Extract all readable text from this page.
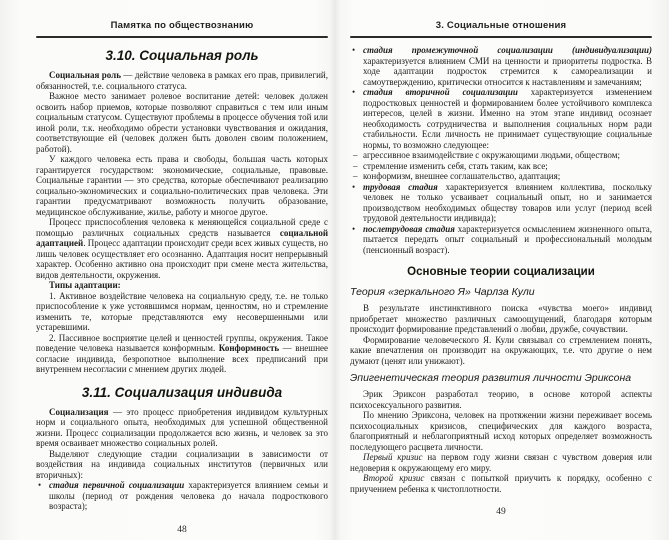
Памятка по обществознанию
3.10. Социальная роль
Социальная роль — действие человека в рамках его прав, привилегий, обязанностей, т.е. социального статуса.
Важное место занимает ролевое воспитание детей: человек должен освоить набор приемов, которые позволяют справиться с тем или иным социальным статусом. Существуют проблемы в процессе обучения той или иной роли, т.к. необходимо обрести установки чувствования и ожидания, соответствующие ей (человек должен быть доволен своим положением, работой).
У каждого человека есть права и свободы, большая часть которых гарантируется государством: экономические, социальные, правовые. Социальные гарантии — это средства, которые обеспечивают реализацию социально-экономических и социально-политических прав человека. Эти гарантии предусматривают возможность получить образование, медицинское обслуживание, жилье, работу и многое другое.
Процесс приспособления человека к меняющейся социальной среде с помощью различных социальных средств называется социальной адаптацией. Процесс адаптации происходит среди всех живых существ, но лишь человек осуществляет его осознанно. Адаптация носит непрерывный характер. Особенно активно она происходит при смене места жительства, видов деятельности, окружения.
Типы адаптации:
1. Активное воздействие человека на социальную среду, т.е. не только приспособление к уже устоявшимся нормам, ценностям, но и стремление изменить те, которые представляются ему несовершенными или устаревшими.
2. Пассивное восприятие целей и ценностей группы, окружения. Такое поведение человека называется конформным. Конформность — внешнее согласие индивида, безропотное выполнение всех предписаний при внутреннем несогласии с мнением других людей.
3.11. Социализация индивида
Социализация — это процесс приобретения индивидом культурных норм и социального опыта, необходимых для успешной общественной жизни. Процесс социализации продолжается всю жизнь, и человек за это время осваивает множество социальных ролей.
Выделяют следующие стадии социализации в зависимости от воздействия на индивида социальных институтов (первичных или вторичных):
• стадия первичной социализации характеризуется влиянием семьи и школы (период от рождения человека до начала подросткового возраста);
48
3. Социальные отношения
• стадия промежуточной социализации (индивидуализации) характеризуется влиянием СМИ на ценности и приоритеты подростка. В ходе адаптации подросток стремится к самореализации и самоутверждению, критически относится к наставлениям и замечаниям;
• стадия вторичной социализации характеризуется изменением подростковых ценностей и формированием более устойчивого комплекса интересов, целей в жизни. Именно на этом этапе индивид осознает необходимость сотрудничества и выполнения социальных норм ради стабильности. Если личность не принимает существующие социальные нормы, то возможно следующее:
– агрессивное взаимодействие с окружающими людьми, обществом;
– стремление изменить себя, стать таким, как все;
– конформизм, внешнее соглашательство, адаптация;
• трудовая стадия характеризуется влиянием коллектива, поскольку человек не только усваивает социальный опыт, но и занимается производством необходимых обществу товаров или услуг (период всей трудовой деятельности индивида);
• послетрудовая стадия характеризуется осмыслением жизненного опыта, пытается передать опыт социальный и профессиональный молодым (пенсионный возраст).
Основные теории социализации
Теория «зеркального Я» Чарлза Кули
В результате инстинктивного поиска «чувства моего» индивид приобретает множество различных самоощущений, благодаря которым происходит формирование представлений о любви, дружбе, сочувствии.
Формирование человеческого Я. Кули связывал со стремлением понять, какие впечатления он производит на окружающих, т.е. что другие о нем думают (ценят или унижают).
Эпигенетическая теория развития личности Эриксона
Эрик Эриксон разработал теорию, в основе которой аспекты психосексуального развития.
По мнению Эриксона, человек на протяжении жизни переживает восемь психосоциальных кризисов, специфических для каждого возраста, благоприятный и неблагоприятный исход которых определяет возможность последующего расцвета личности.
Первый кризис на первом году жизни связан с чувством доверия или недоверия к окружающему его миру.
Второй кризис связан с попыткой приучить к порядку, особенно с приучением ребенка к чистоплотности.
49
